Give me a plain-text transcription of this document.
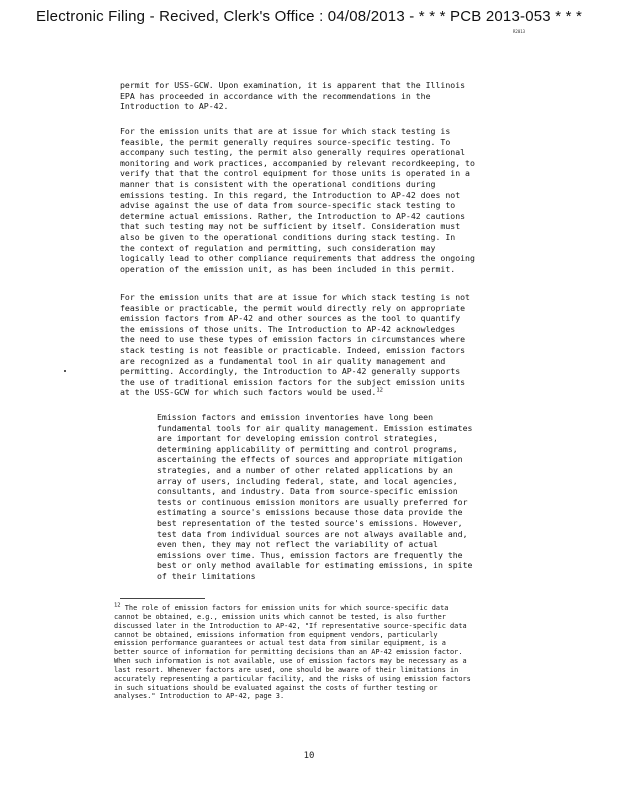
Electronic Filing - Recived, Clerk's Office : 04/08/2013 - * * * PCB 2013-053 * * *
R2013
permit for USS-GCW. Upon examination, it is apparent that the Illinois
EPA has proceeded in accordance with the recommendations in the
Introduction to AP-42.
For the emission units that are at issue for which stack testing is
feasible, the permit generally requires source-specific testing. To
accompany such testing, the permit also generally requires operational
monitoring and work practices, accompanied by relevant recordkeeping, to
verify that that the control equipment for those units is operated in a
manner that is consistent with the operational conditions during
emissions testing. In this regard, the Introduction to AP-42 does not
advise against the use of data from source-specific stack testing to
determine actual emissions. Rather, the Introduction to AP-42 cautions
that such testing may not be sufficient by itself. Consideration must
also be given to the operational conditions during stack testing. In
the context of regulation and permitting, such consideration may
logically lead to other compliance requirements that address the ongoing
operation of the emission unit, as has been included in this permit.
For the emission units that are at issue for which stack testing is not
feasible or practicable, the permit would directly rely on appropriate
emission factors from AP-42 and other sources as the tool to quantify
the emissions of those units. The Introduction to AP-42 acknowledges
the need to use these types of emission factors in circumstances where
stack testing is not feasible or practicable. Indeed, emission factors
are recognized as a fundamental tool in air quality management and
permitting. Accordingly, the Introduction to AP-42 generally supports
the use of traditional emission factors for the subject emission units
at the USS-GCW for which such factors would be used.$^{12}$
Emission factors and emission inventories have long been
fundamental tools for air quality management. Emission estimates
are important for developing emission control strategies,
determining applicability of permitting and control programs,
ascertaining the effects of sources and appropriate mitigation
strategies, and a number of other related applications by an
array of users, including federal, state, and local agencies,
consultants, and industry. Data from source-specific emission
tests or continuous emission monitors are usually preferred for
estimating a source's emissions because those data provide the
best representation of the tested source's emissions. However,
test data from individual sources are not always available and,
even then, they may not reflect the variability of actual
emissions over time. Thus, emission factors are frequently the
best or only method available for estimating emissions, in spite
of their limitations
$^{12}$ The role of emission factors for emission units for which source-specific data
cannot be obtained, e.g., emission units which cannot be tested, is also further
discussed later in the Introduction to AP-42, "If representative source-specific data
cannot be obtained, emissions information from equipment vendors, particularly
emission performance guarantees or actual test data from similar equipment, is a
better source of information for permitting decisions than an AP-42 emission factor.
When such information is not available, use of emission factors may be necessary as a
last resort. Whenever factors are used, one should be aware of their limitations in
accurately representing a particular facility, and the risks of using emission factors
in such situations should be evaluated against the costs of further testing or
analyses." Introduction to AP-42, page 3.
10
